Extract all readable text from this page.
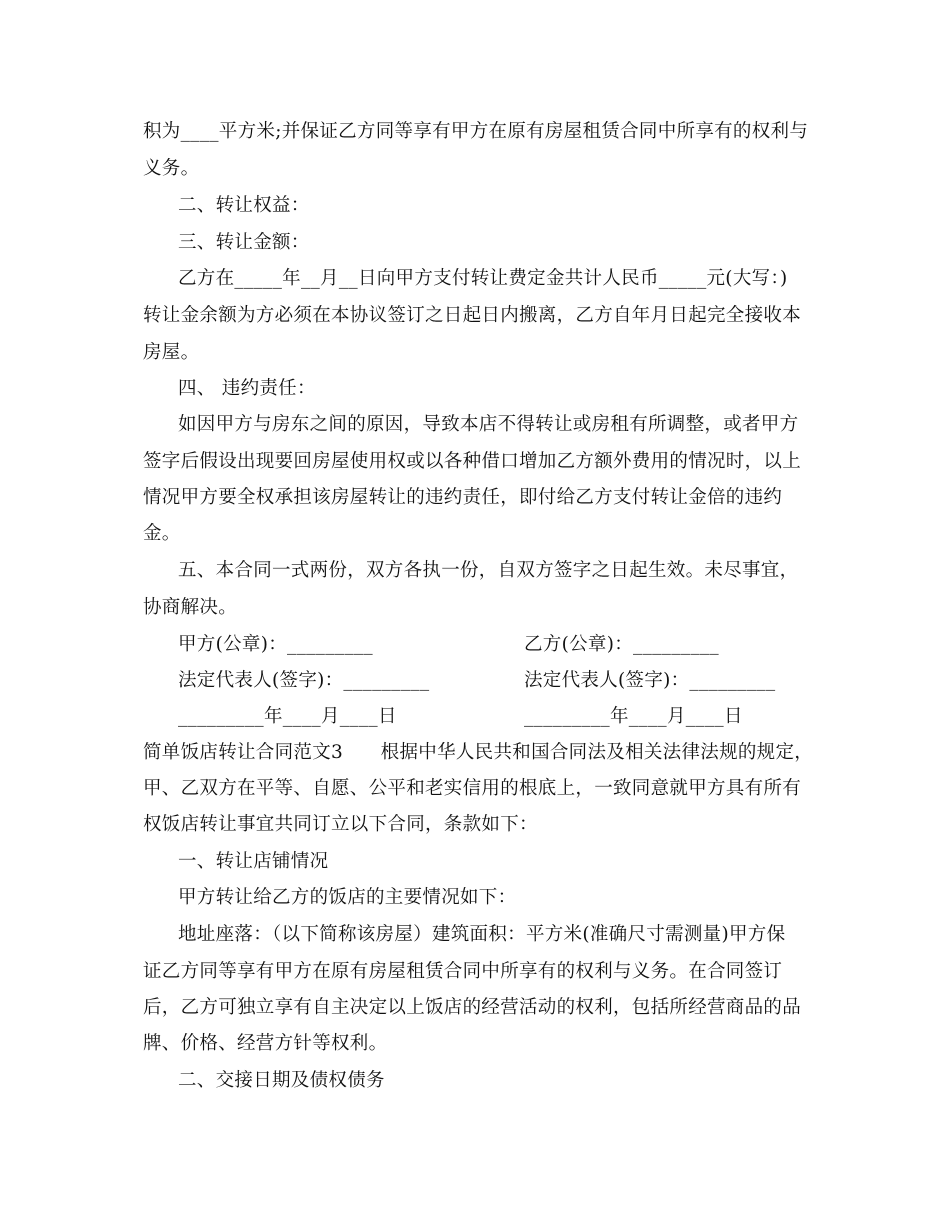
积为____平方米;并保证乙方同等享有甲方在原有房屋租赁合同中所享有的权利与
义务。
二、转让权益：
三、转让金额：
乙方在_____年__月__日向甲方支付转让费定金共计人民币_____元(大写：)
转让金余额为方必须在本协议签订之日起日内搬离，乙方自年月日起完全接收本
房屋。
四、 违约责任：
如因甲方与房东之间的原因，导致本店不得转让或房租有所调整，或者甲方
签字后假设出现要回房屋使用权或以各种借口增加乙方额外费用的情况时，以上
情况甲方要全权承担该房屋转让的违约责任，即付给乙方支付转让金倍的违约
金。
五、本合同一式两份，双方各执一份，自双方签字之日起生效。未尽事宜，
协商解决。
甲方(公章)：_________	乙方(公章)：_________
法定代表人(签字)：_________	法定代表人(签字)：_________
_________年____月____日	_________年____月____日
简单饭店转让合同范文3　　根据中华人民共和国合同法及相关法律法规的规定，
甲、乙双方在平等、自愿、公平和老实信用的根底上，一致同意就甲方具有所有
权饭店转让事宜共同订立以下合同，条款如下：
一、转让店铺情况
甲方转让给乙方的饭店的主要情况如下：
地址座落：（以下简称该房屋）建筑面积：平方米(准确尺寸需测量)甲方保
证乙方同等享有甲方在原有房屋租赁合同中所享有的权利与义务。在合同签订
后，乙方可独立享有自主决定以上饭店的经营活动的权利，包括所经营商品的品
牌、价格、经营方针等权利。
二、交接日期及债权债务
